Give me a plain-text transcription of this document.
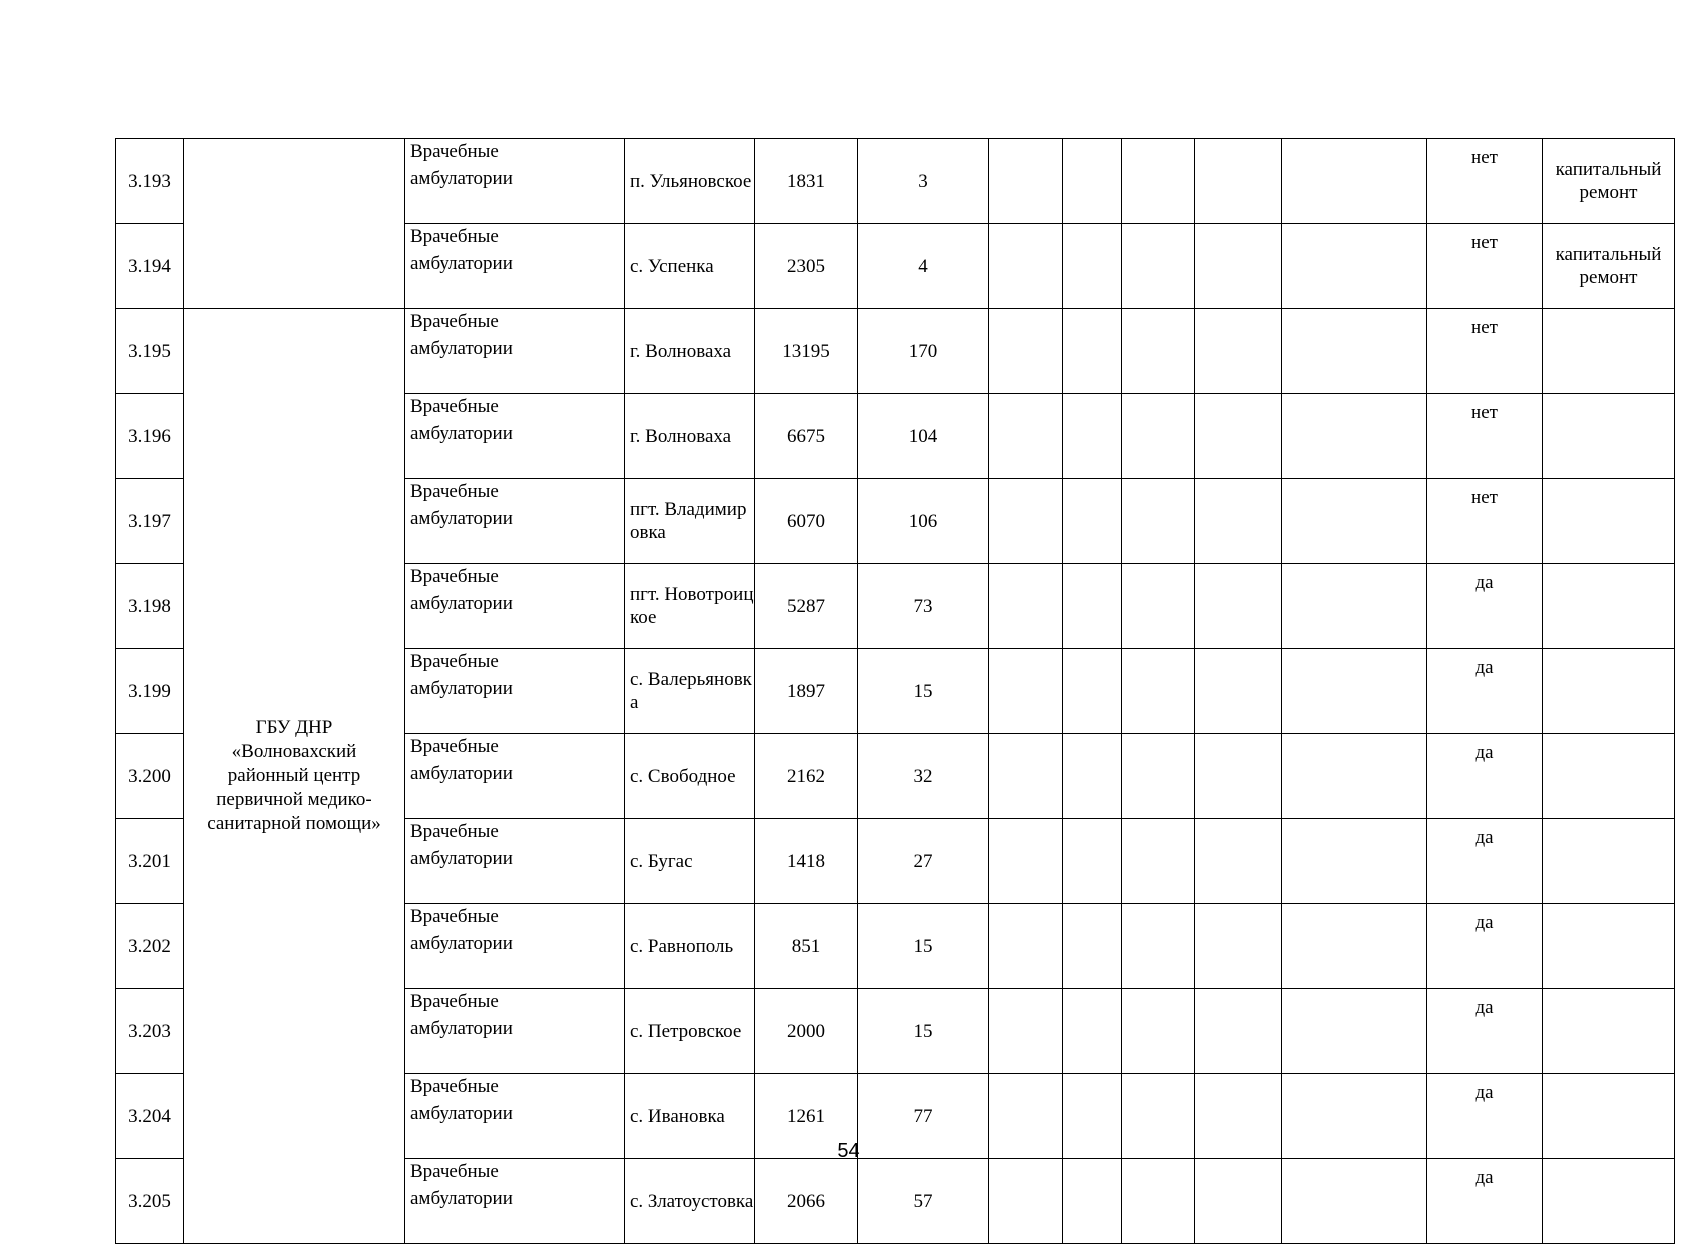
3.193		Врачебные
амбулатории	п. Ульяновское	1831	3						нет	капитальный
ремонт

3.194		Врачебные
амбулатории	с. Успенка	2305	4						нет	капитальный
ремонт

3.195	ГБУ ДНР
«Волновахский
районный центр
первичной медико-
санитарной помощи»	Врачебные
амбулатории	г. Волноваха	13195	170						нет	
3.196		Врачебные
амбулатории	г. Волноваха	6675	104						нет	
3.197		Врачебные
амбулатории	пгт. Владимировка	6070	106						нет	
3.198		Врачебные
амбулатории	пгт. Новотроицкое	5287	73						да	
3.199		Врачебные
амбулатории	с. Валерьяновка	1897	15						да	
3.200		Врачебные
амбулатории	с. Свободное	2162	32						да	
3.201		Врачебные
амбулатории	с. Бугас	1418	27						да	
3.202		Врачебные
амбулатории	с. Равнополь	851	15						да	
3.203		Врачебные
амбулатории	с. Петровское	2000	15						да	
3.204		Врачебные
амбулатории	с. Ивановка	1261	77						да	
3.205		Врачебные
амбулатории	с. Златоустовка	2066	57						да	
54
